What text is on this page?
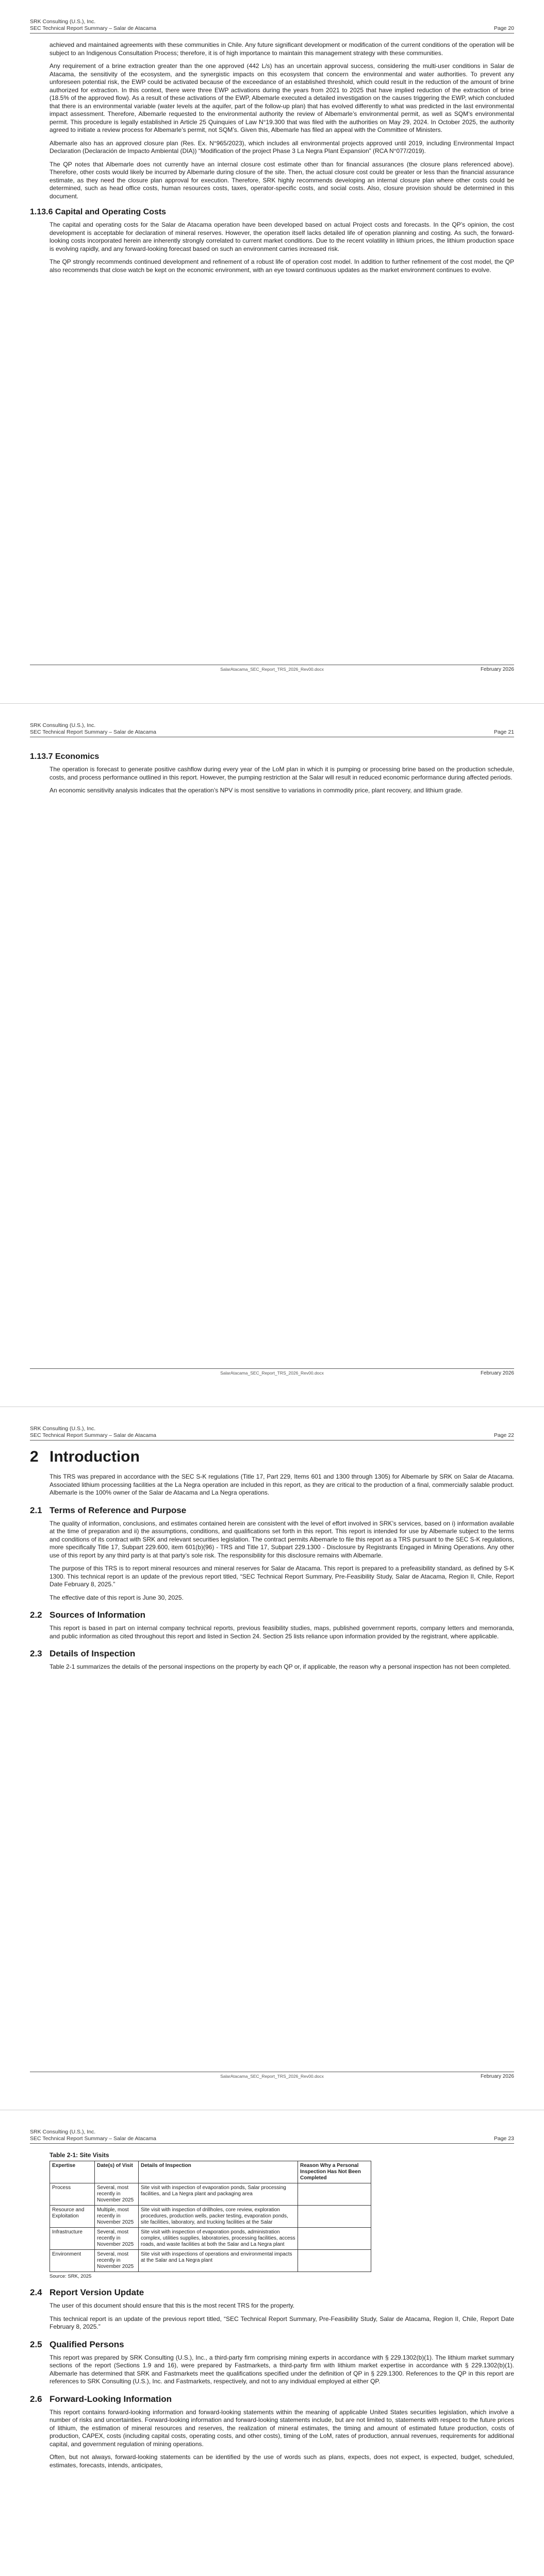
SRK Consulting (U.S.), Inc.
SEC Technical Report Summary – Salar de Atacama	Page 20

achieved and maintained agreements with these communities in Chile. Any future significant development or modification of the current conditions of the operation will be subject to an Indigenous Consultation Process; therefore, it is of high importance to maintain this management strategy with these communities.

Any requirement of a brine extraction greater than the one approved (442 L/s) has an uncertain approval success, considering the multi-user conditions in Salar de Atacama, the sensitivity of the ecosystem, and the synergistic impacts on this ecosystem that concern the environmental and water authorities. To prevent any unforeseen potential risk, the EWP could be activated because of the exceedance of an established threshold, which could result in the reduction of the amount of brine authorized for extraction. In this context, there were three EWP activations during the years from 2021 to 2025 that have implied reduction of the extraction of brine (18.5% of the approved flow). As a result of these activations of the EWP, Albemarle executed a detailed investigation on the causes triggering the EWP, which concluded that there is an environmental variable (water levels at the aquifer, part of the follow-up plan) that has evolved differently to what was predicted in the last environmental impact assessment. Therefore, Albemarle requested to the environmental authority the review of Albemarle’s environmental permit, as well as SQM’s environmental permit. This procedure is legally established in Article 25 Quinquies of Law N°19.300 that was filed with the authorities on May 29, 2024. In October 2025, the authority agreed to initiate a review process for Albemarle’s permit, not SQM’s. Given this, Albemarle has filed an appeal with the Committee of Ministers.

Albemarle also has an approved closure plan (Res. Ex. N°965/2023), which includes all environmental projects approved until 2019, including Environmental Impact Declaration (Declaración de Impacto Ambiental (DIA)) “Modification of the project Phase 3 La Negra Plant Expansion” (RCA N°077/2019).

The QP notes that Albemarle does not currently have an internal closure cost estimate other than for financial assurances (the closure plans referenced above). Therefore, other costs would likely be incurred by Albemarle during closure of the site. Then, the actual closure cost could be greater or less than the financial assurance estimate, as they need the closure plan approval for execution. Therefore, SRK highly recommends developing an internal closure plan where other costs could be determined, such as head office costs, human resources costs, taxes, operator-specific costs, and social costs. Also, closure provision should be determined in this document.

1.13.6 Capital and Operating Costs

The capital and operating costs for the Salar de Atacama operation have been developed based on actual Project costs and forecasts. In the QP’s opinion, the cost development is acceptable for declaration of mineral reserves. However, the operation itself lacks detailed life of operation planning and costing. As such, the forward-looking costs incorporated herein are inherently strongly correlated to current market conditions. Due to the recent volatility in lithium prices, the lithium production space is evolving rapidly, and any forward-looking forecast based on such an environment carries increased risk.

The QP strongly recommends continued development and refinement of a robust life of operation cost model. In addition to further refinement of the cost model, the QP also recommends that close watch be kept on the economic environment, with an eye toward continuous updates as the market environment continues to evolve.

SalarAtacama_SEC_Report_TRS_2026_Rev00.docx	February 2026
SRK Consulting (U.S.), Inc.
SEC Technical Report Summary – Salar de Atacama	Page 21
1.13.7 Economics

The operation is forecast to generate positive cashflow during every year of the LoM plan in which it is pumping or processing brine based on the production schedule, costs, and process performance outlined in this report. However, the pumping restriction at the Salar will result in reduced economic performance during affected periods.

An economic sensitivity analysis indicates that the operation’s NPV is most sensitive to variations in commodity price, plant recovery, and lithium grade.

SalarAtacama_SEC_Report_TRS_2026_Rev00.docx	February 2026
SRK Consulting (U.S.), Inc.
SEC Technical Report Summary – Salar de Atacama	Page 22
2 Introduction

This TRS was prepared in accordance with the SEC S-K regulations (Title 17, Part 229, Items 601 and 1300 through 1305) for Albemarle by SRK on Salar de Atacama. Associated lithium processing facilities at the La Negra operation are included in this report, as they are critical to the production of a final, commercially salable product. Albemarle is the 100% owner of the Salar de Atacama and La Negra operations.

2.1 Terms of Reference and Purpose

The quality of information, conclusions, and estimates contained herein are consistent with the level of effort involved in SRK’s services, based on i) information available at the time of preparation and ii) the assumptions, conditions, and qualifications set forth in this report. This report is intended for use by Albemarle subject to the terms and conditions of its contract with SRK and relevant securities legislation. The contract permits Albemarle to file this report as a TRS pursuant to the SEC S-K regulations, more specifically Title 17, Subpart 229.600, item 601(b)(96) - TRS and Title 17, Subpart 229.1300 - Disclosure by Registrants Engaged in Mining Operations. Any other use of this report by any third party is at that party’s sole risk. The responsibility for this disclosure remains with Albemarle.

The purpose of this TRS is to report mineral resources and mineral reserves for Salar de Atacama. This report is prepared to a prefeasibility standard, as defined by S-K 1300. This technical report is an update of the previous report titled, “SEC Technical Report Summary, Pre-Feasibility Study, Salar de Atacama, Region II, Chile, Report Date February 8, 2025.”

The effective date of this report is June 30, 2025.

2.2 Sources of Information

This report is based in part on internal company technical reports, previous feasibility studies, maps, published government reports, company letters and memoranda, and public information as cited throughout this report and listed in Section 24. Section 25 lists reliance upon information provided by the registrant, where applicable.

2.3 Details of Inspection

Table 2-1 summarizes the details of the personal inspections on the property by each QP or, if applicable, the reason why a personal inspection has not been completed.

SalarAtacama_SEC_Report_TRS_2026_Rev00.docx	February 2026
SRK Consulting (U.S.), Inc.
SEC Technical Report Summary – Salar de Atacama	Page 23
Table 2-1: Site Visits
Expertise	Date(s) of Visit	Details of Inspection	Reason Why a Personal Inspection Has Not Been Completed
Process	Several, most recently in November 2025	Site visit with inspection of evaporation ponds, Salar processing facilities, and La Negra plant and packaging area	
Resource and Exploitation	Multiple, most recently in November 2025	Site visit with inspection of drillholes, core review, exploration procedures, production wells, packer testing, evaporation ponds, site facilities, laboratory, and trucking facilities at the Salar	
Infrastructure	Several, most recently in November 2025	Site visit with inspection of evaporation ponds, administration complex, utilities supplies, laboratories, processing facilities, access roads, and waste facilities at both the Salar and La Negra plant	
Environment	Several, most recently in November 2025	Site visit with inspections of operations and environmental impacts at the Salar and La Negra plant	
Source: SRK, 2025
2.4 Report Version Update

The user of this document should ensure that this is the most recent TRS for the property.

This technical report is an update of the previous report titled, “SEC Technical Report Summary, Pre-Feasibility Study, Salar de Atacama, Region II, Chile, Report Date February 8, 2025.”

2.5 Qualified Persons

This report was prepared by SRK Consulting (U.S.), Inc., a third-party firm comprising mining experts in accordance with § 229.1302(b)(1). The lithium market summary sections of the report (Sections 1.9 and 16), were prepared by Fastmarkets, a third-party firm with lithium market expertise in accordance with § 229.1302(b)(1). Albemarle has determined that SRK and Fastmarkets meet the qualifications specified under the definition of QP in § 229.1300. References to the QP in this report are references to SRK Consulting (U.S.), Inc. and Fastmarkets, respectively, and not to any individual employed at either QP.

2.6 Forward-Looking Information

This report contains forward-looking information and forward-looking statements within the meaning of applicable United States securities legislation, which involve a number of risks and uncertainties. Forward-looking information and forward-looking statements include, but are not limited to, statements with respect to the future prices of lithium, the estimation of mineral resources and reserves, the realization of mineral estimates, the timing and amount of estimated future production, costs of production, CAPEX, costs (including capital costs, operating costs, and other costs), timing of the LoM, rates of production, annual revenues, requirements for additional capital, and government regulation of mining operations.

Often, but not always, forward-looking statements can be identified by the use of words such as plans, expects, does not expect, is expected, budget, scheduled, estimates, forecasts, intends, anticipates,
